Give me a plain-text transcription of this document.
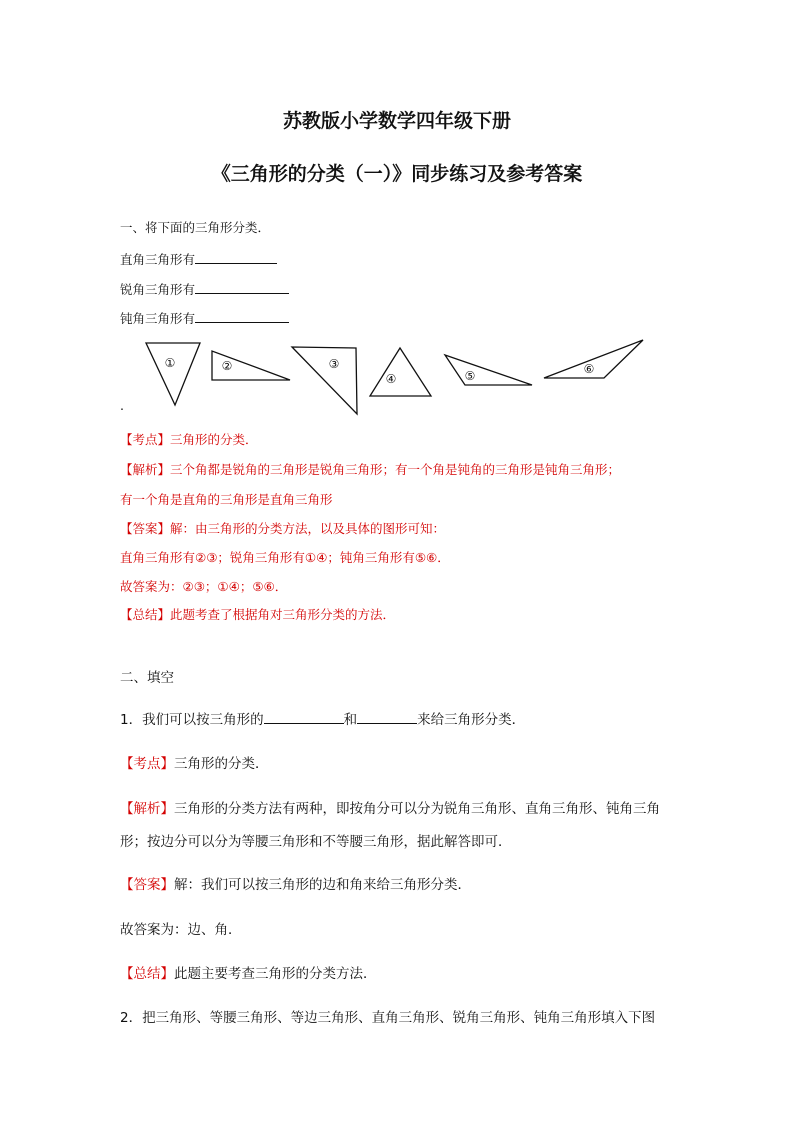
苏教版小学数学四年级下册
《三角形的分类（一）》同步练习及参考答案
一、将下面的三角形分类．
直角三角形有
锐角三角形有
钝角三角形有
①	②	③
④	⑤	⑥
.
【考点】三角形的分类．
【解析】三个角都是锐角的三角形是锐角三角形；有一个角是钝角的三角形是钝角三角形；
有一个角是直角的三角形是直角三角形
【答案】解：由三角形的分类方法，以及具体的图形可知：
直角三角形有②③；锐角三角形有①④；钝角三角形有⑤⑥．
故答案为：②③；①④；⑤⑥．
【总结】此题考查了根据角对三角形分类的方法．
二、填空
1．我们可以按三角形的	和	来给三角形分类．
【考点】三角形的分类．
【解析】三角形的分类方法有两种，即按角分可以分为锐角三角形、直角三角形、钝角三角
形；按边分可以分为等腰三角形和不等腰三角形，据此解答即可．
【答案】解：我们可以按三角形的边和角来给三角形分类．
故答案为：边、角．
【总结】此题主要考查三角形的分类方法．
2．把三角形、等腰三角形、等边三角形、直角三角形、锐角三角形、钝角三角形填入下图
